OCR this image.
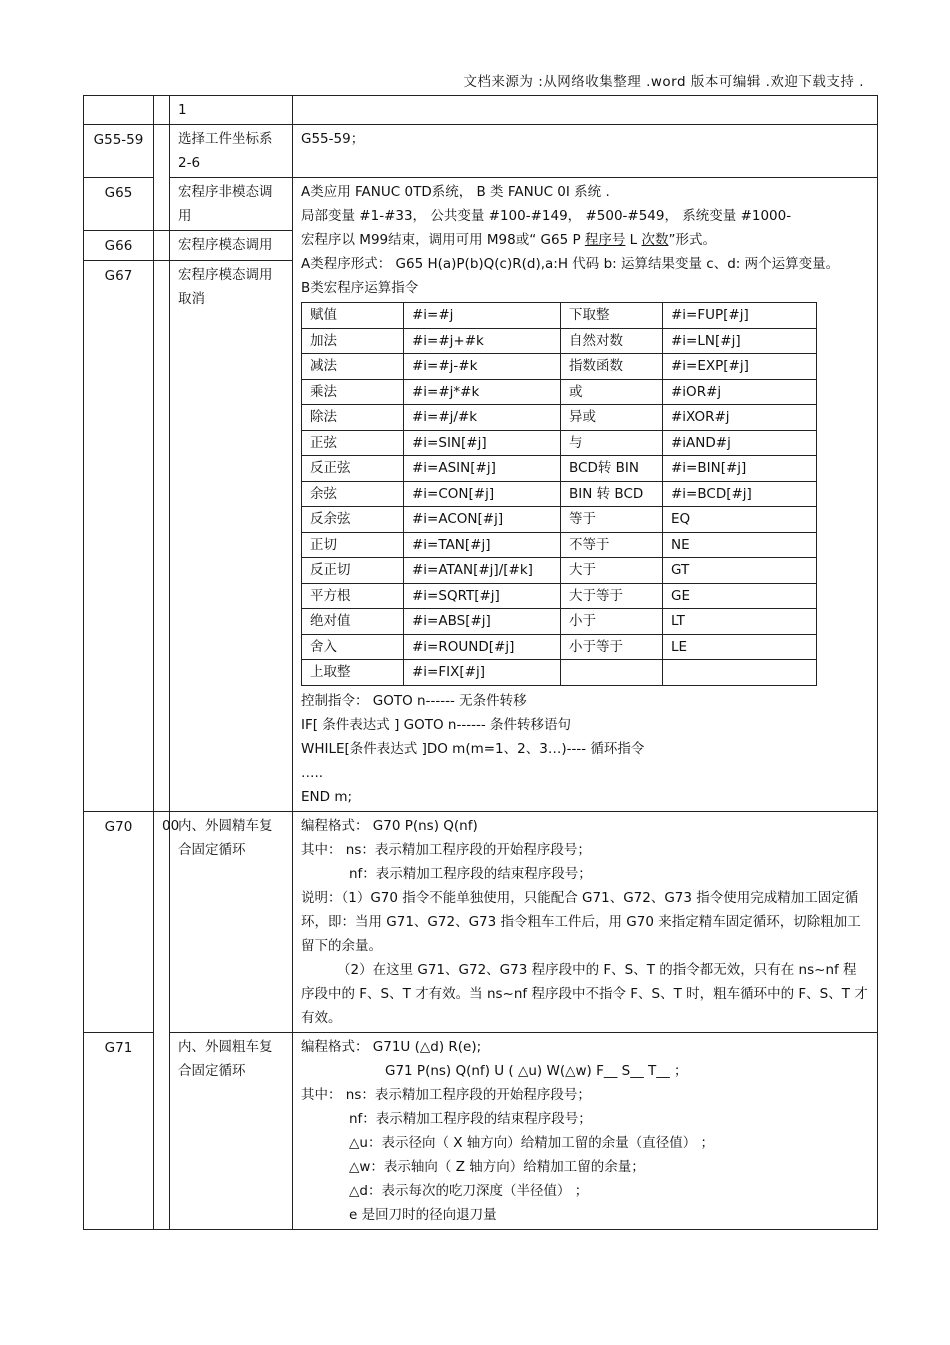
文档来源为 :从网络收集整理 .word 版本可编辑 .欢迎下载支持 .
		1	
G55-59		选择工件坐标系 2-6	G55-59；
G65	宏程序非模态调用	
A类应用 FANUC 0TD系统， B 类 FANUC 0I 系统 .
局部变量 #1-#33， 公共变量 #100-#149， #500-#549， 系统变量 #1000-
宏程序以 M99结束，调用可用 M98或“ G65 P 程序号 L 次数”形式。
A类程序形式： G65 H(a)P(b)Q(c)R(d),a:H 代码 b: 运算结果变量 c、d: 两个运算变量。
B类宏程序运算指令
赋值	#i=#j	下取整	#i=FUP[#j]
加法	#i=#j+#k	自然对数	#i=LN[#j]
减法	#i=#j-#k	指数函数	#i=EXP[#j]
乘法	#i=#j*#k	或	#iOR#j
除法	#i=#j/#k	异或	#iXOR#j
正弦	#i=SIN[#j]	与	#iAND#j
反正弦	#i=ASIN[#j]	BCD转 BIN	#i=BIN[#j]
余弦	#i=CON[#j]	BIN 转 BCD	#i=BCD[#j]
反余弦	#i=ACON[#j]	等于	EQ
正切	#i=TAN[#j]	不等于	NE
反正切	#i=ATAN[#j]/[#k]	大于	GT
平方根	#i=SQRT[#j]	大于等于	GE
绝对值	#i=ABS[#j]	小于	LT
舍入	#i=ROUND[#j]	小于等于	LE
上取整	#i=FIX[#j]		
控制指令： GOTO n------ 无条件转移
IF[ 条件表达式 ] GOTO n------ 条件转移语句
WHILE[条件表达式 ]DO m(m=1、2、3…)---- 循环指令
…..
END m;

G66		宏程序模态调用
G67		宏程序模态调用取消
G70	00	内、外圆精车复合固定循环	
编程格式： G70 P(ns) Q(nf)
其中： ns：表示精加工程序段的开始程序段号；
nf：表示精加工程序段的结束程序段号；
说明：（1）G70 指令不能单独使用，只能配合 G71、G72、G73 指令使用完成精加工固定循环，即：当用 G71、G72、G73 指令粗车工件后，用 G70 来指定精车固定循环，切除粗加工留下的余量。
（2）在这里 G71、G72、G73 程序段中的 F、S、T 的指令都无效，只有在 ns~nf 程序段中的 F、S、T 才有效。当 ns~nf 程序段中不指令 F、S、T 时，粗车循环中的 F、S、T 才有效。

G71	内、外圆粗车复合固定循环	
编程格式： G71U (△d) R(e);
G71 P(ns) Q(nf) U ( △u) W(△w) F__ S__ T__ ；
其中： ns：表示精加工程序段的开始程序段号；
nf：表示精加工程序段的结束程序段号；
△u：表示径向（ X 轴方向）给精加工留的余量（直径值） ；
△w：表示轴向（ Z 轴方向）给精加工留的余量；
△d：表示每次的吃刀深度（半径值） ；
e 是回刀时的径向退刀量
